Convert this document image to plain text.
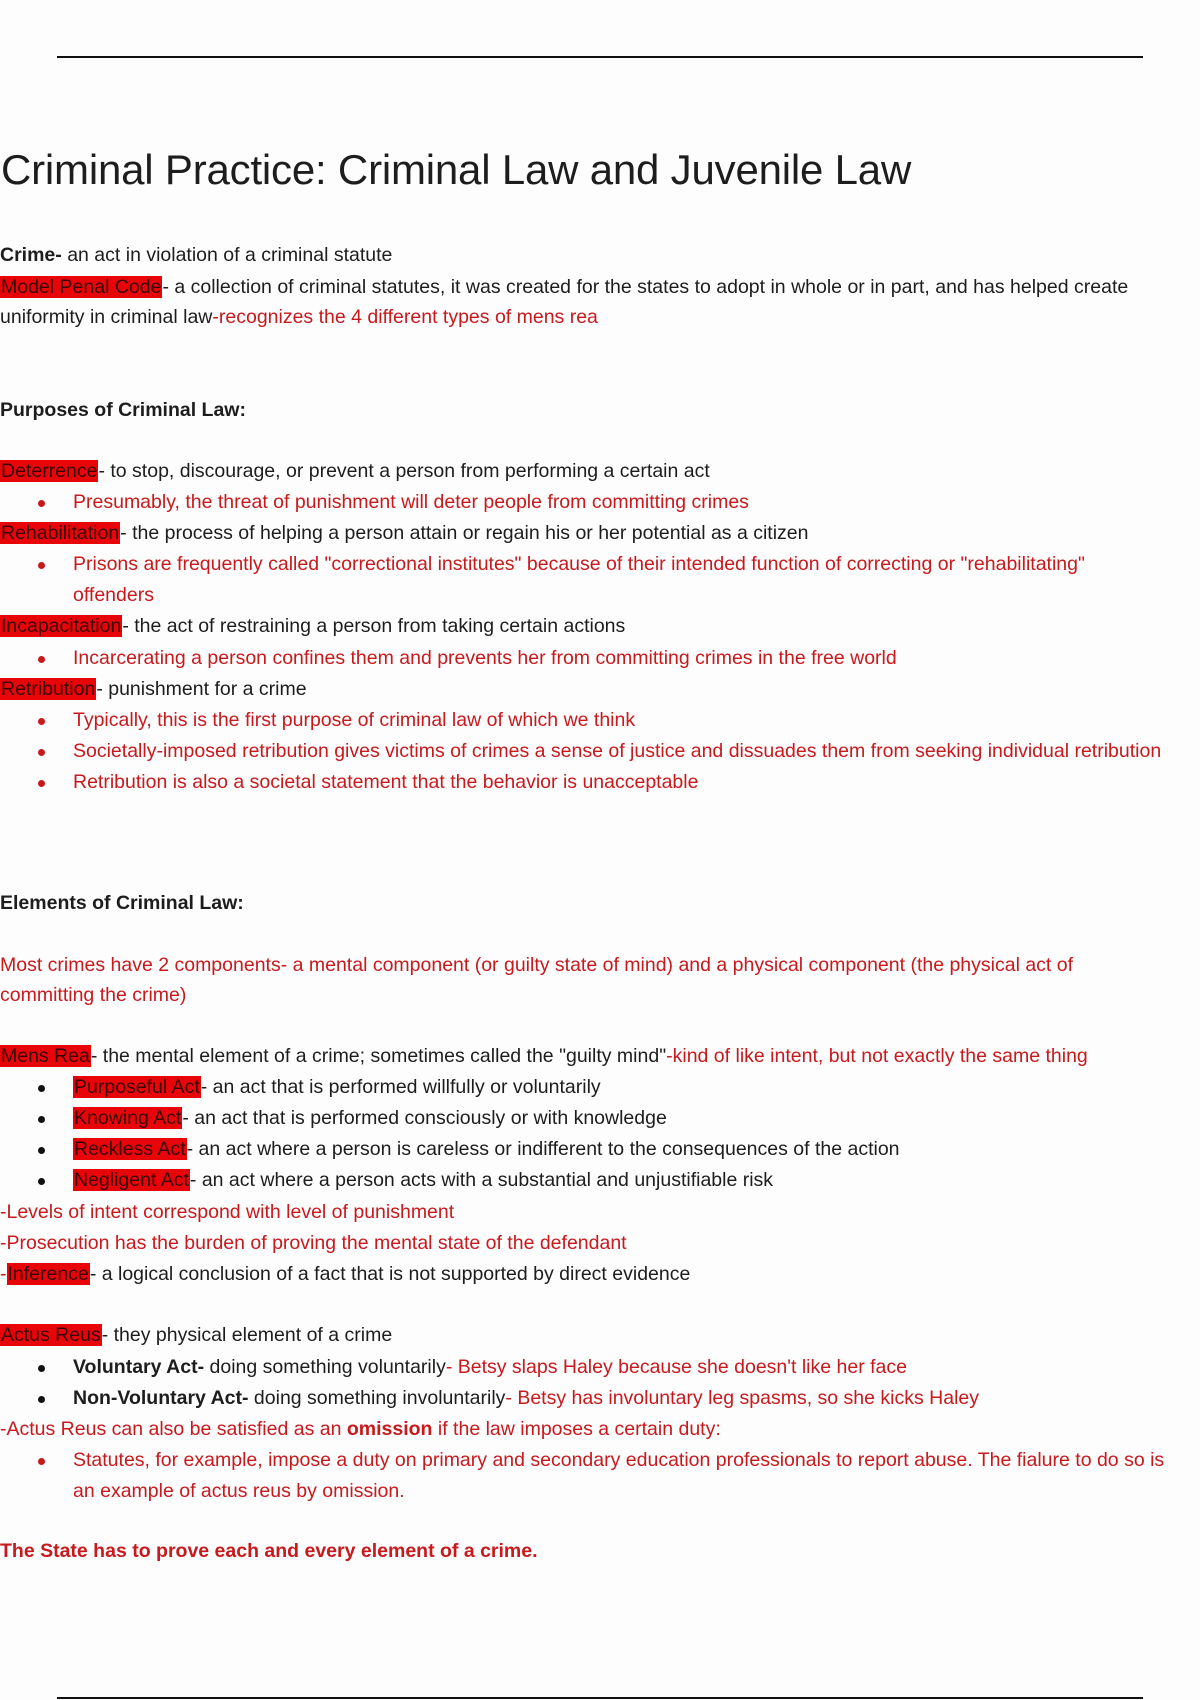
Criminal Practice: Criminal Law and Juvenile Law
Crime- an act in violation of a criminal statute
Model Penal Code- a collection of criminal statutes, it was created for the states to adopt in whole or in part, and has helped create
uniformity in criminal law-recognizes the 4 different types of mens rea
Purposes of Criminal Law:
Deterrence- to stop, discourage, or prevent a person from performing a certain act
Presumably, the threat of punishment will deter people from committing crimes
Rehabilitation- the process of helping a person attain or regain his or her potential as a citizen
Prisons are frequently called "correctional institutes" because of their intended function of correcting or "rehabilitating"
offenders
Incapacitation- the act of restraining a person from taking certain actions
Incarcerating a person confines them and prevents her from committing crimes in the free world
Retribution- punishment for a crime
Typically, this is the first purpose of criminal law of which we think
Societally-imposed retribution gives victims of crimes a sense of justice and dissuades them from seeking individual retribution
Retribution is also a societal statement that the behavior is unacceptable
Elements of Criminal Law:
Most crimes have 2 components- a mental component (or guilty state of mind) and a physical component (the physical act of
committing the crime)
Mens Rea- the mental element of a crime; sometimes called the "guilty mind"-kind of like intent, but not exactly the same thing
Purposeful Act- an act that is performed willfully or voluntarily
Knowing Act- an act that is performed consciously or with knowledge
Reckless Act- an act where a person is careless or indifferent to the consequences of the action
Negligent Act- an act where a person acts with a substantial and unjustifiable risk
-Levels of intent correspond with level of punishment
-Prosecution has the burden of proving the mental state of the defendant
-Inference- a logical conclusion of a fact that is not supported by direct evidence
Actus Reus- they physical element of a crime
Voluntary Act- doing something voluntarily- Betsy slaps Haley because she doesn't like her face
Non-Voluntary Act- doing something involuntarily- Betsy has involuntary leg spasms, so she kicks Haley
-Actus Reus can also be satisfied as an omission if the law imposes a certain duty:
Statutes, for example, impose a duty on primary and secondary education professionals to report abuse. The fialure to do so is
an example of actus reus by omission.
The State has to prove each and every element of a crime.
